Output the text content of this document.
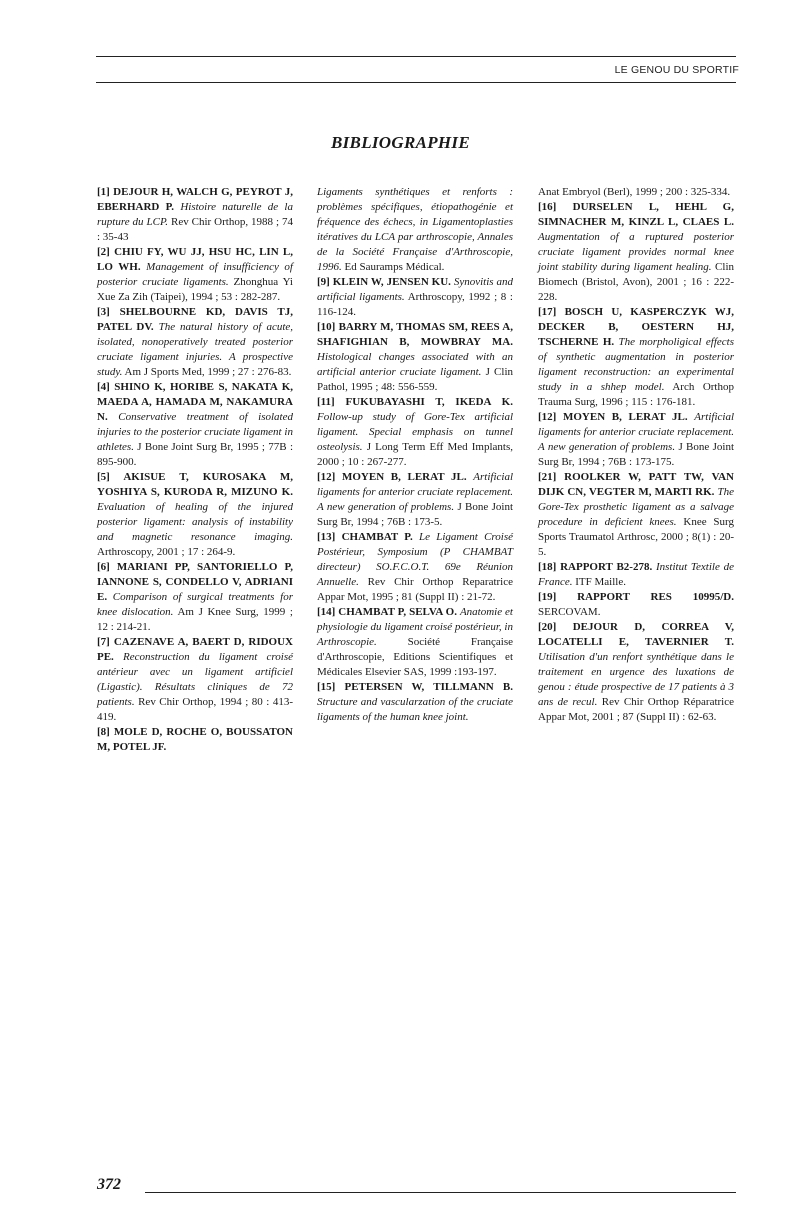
LE GENOU DU SPORTIF
BIBLIOGRAPHIE

[1] DEJOUR H, WALCH G, PEYROT J, EBERHARD P. Histoire naturelle de la rupture du LCP. Rev Chir Orthop, 1988 ; 74 : 35-43

[2] CHIU FY, WU JJ, HSU HC, LIN L, LO WH. Management of insufficiency of posterior cruciate ligaments. Zhonghua Yi Xue Za Zih (Taipei), 1994 ; 53 : 282-287.

[3] SHELBOURNE KD, DAVIS TJ, PATEL DV. The natural history of acute, isolated, nonoperatively treated posterior cruciate ligament injuries. A prospective study. Am J Sports Med, 1999 ; 27 : 276-83.

[4] SHINO K, HORIBE S, NAKATA K, MAEDA A, HAMADA M, NAKAMURA N. Conservative treatment of isolated injuries to the posterior cruciate ligament in athletes. J Bone Joint Surg Br, 1995 ; 77B : 895-900.

[5] AKISUE T, KUROSAKA M, YOSHIYA S, KURODA R, MIZUNO K. Evaluation of healing of the injured posterior ligament: analysis of instability and magnetic resonance imaging. Arthroscopy, 2001 ; 17 : 264-9.

[6] MARIANI PP, SANTORIELLO P, IANNONE S, CONDELLO V, ADRIANI E. Comparison of surgical treatments for knee dislocation. Am J Knee Surg, 1999 ; 12 : 214-21.

[7] CAZENAVE A, BAERT D, RIDOUX PE. Reconstruction du ligament croisé antérieur avec un ligament artificiel (Ligastic). Résultats cliniques de 72 patients. Rev Chir Orthop, 1994 ; 80 : 413-419.

[8] MOLE D, ROCHE O, BOUSSATON M, POTEL JF.

Ligaments synthétiques et renforts : problèmes spécifiques, étiopathogénie et fréquence des échecs, in Ligamentoplasties itératives du LCA par arthroscopie, Annales de la Société Française d'Arthroscopie, 1996. Ed Sauramps Médical.

[9] KLEIN W, JENSEN KU. Synovitis and artificial ligaments. Arthroscopy, 1992 ; 8 : 116-124.

[10] BARRY M, THOMAS SM, REES A, SHAFIGHIAN B, MOWBRAY MA. Histological changes associated with an artificial anterior cruciate ligament. J Clin Pathol, 1995 ; 48: 556-559.

[11] FUKUBAYASHI T, IKEDA K. Follow-up study of Gore-Tex artificial ligament. Special emphasis on tunnel osteolysis. J Long Term Eff Med Implants, 2000 ; 10 : 267-277.

[12] MOYEN B, LERAT JL. Artificial ligaments for anterior cruciate replacement. A new generation of problems. J Bone Joint Surg Br, 1994 ; 76B : 173-5.

[13] CHAMBAT P. Le Ligament Croisé Postérieur, Symposium (P CHAMBAT directeur) SO.F.C.O.T. 69e Réunion Annuelle. Rev Chir Orthop Reparatrice Appar Mot, 1995 ; 81 (Suppl II) : 21-72.

[14] CHAMBAT P, SELVA O. Anatomie et physiologie du ligament croisé postérieur, in Arthroscopie.	Société Française d'Arthroscopie, Editions Scientifiques et Médicales Elsevier SAS, 1999 :193-197.

[15] PETERSEN W, TILLMANN B. Structure and vascularzation of the cruciate ligaments of the human knee joint.

Anat Embryol (Berl), 1999 ; 200 : 325-334.

[16] DURSELEN L, HEHL G, SIMNACHER M, KINZL L, CLAES L. Augmentation of a ruptured posterior cruciate ligament provides normal knee joint stability during ligament healing. Clin Biomech (Bristol, Avon), 2001 ; 16 : 222-228.

[17] BOSCH U, KASPERCZYK WJ, DECKER B, OESTERN HJ, TSCHERNE H. The morpholigical effects of synthetic augmentation in posterior ligament reconstruction: an experimental study in a shhep model. Arch Orthop Trauma Surg, 1996 ; 115 : 176-181.

[12] MOYEN B, LERAT JL. Artificial ligaments for anterior cruciate replacement. A new generation of problems. J Bone Joint Surg Br, 1994 ; 76B : 173-175.

[21] ROOLKER W, PATT TW, VAN DIJK CN, VEGTER M, MARTI RK. The Gore-Tex prosthetic ligament as a salvage procedure in deficient knees. Knee Surg Sports Traumatol Arthrosc, 2000 ; 8(1) : 20-5.

[18] RAPPORT B2-278. Institut Textile de France. ITF Maille.

[19] RAPPORT RES 10995/D. SERCOVAM.

[20] DEJOUR D, CORREA V, LOCATELLI E, TAVERNIER T. Utilisation d'un renfort synthétique dans le traitement en urgence des luxations de genou : étude prospective de 17 patients à 3 ans de recul. Rev Chir Orthop Réparatrice Appar Mot, 2001 ; 87 (Suppl II) : 62-63.

372
